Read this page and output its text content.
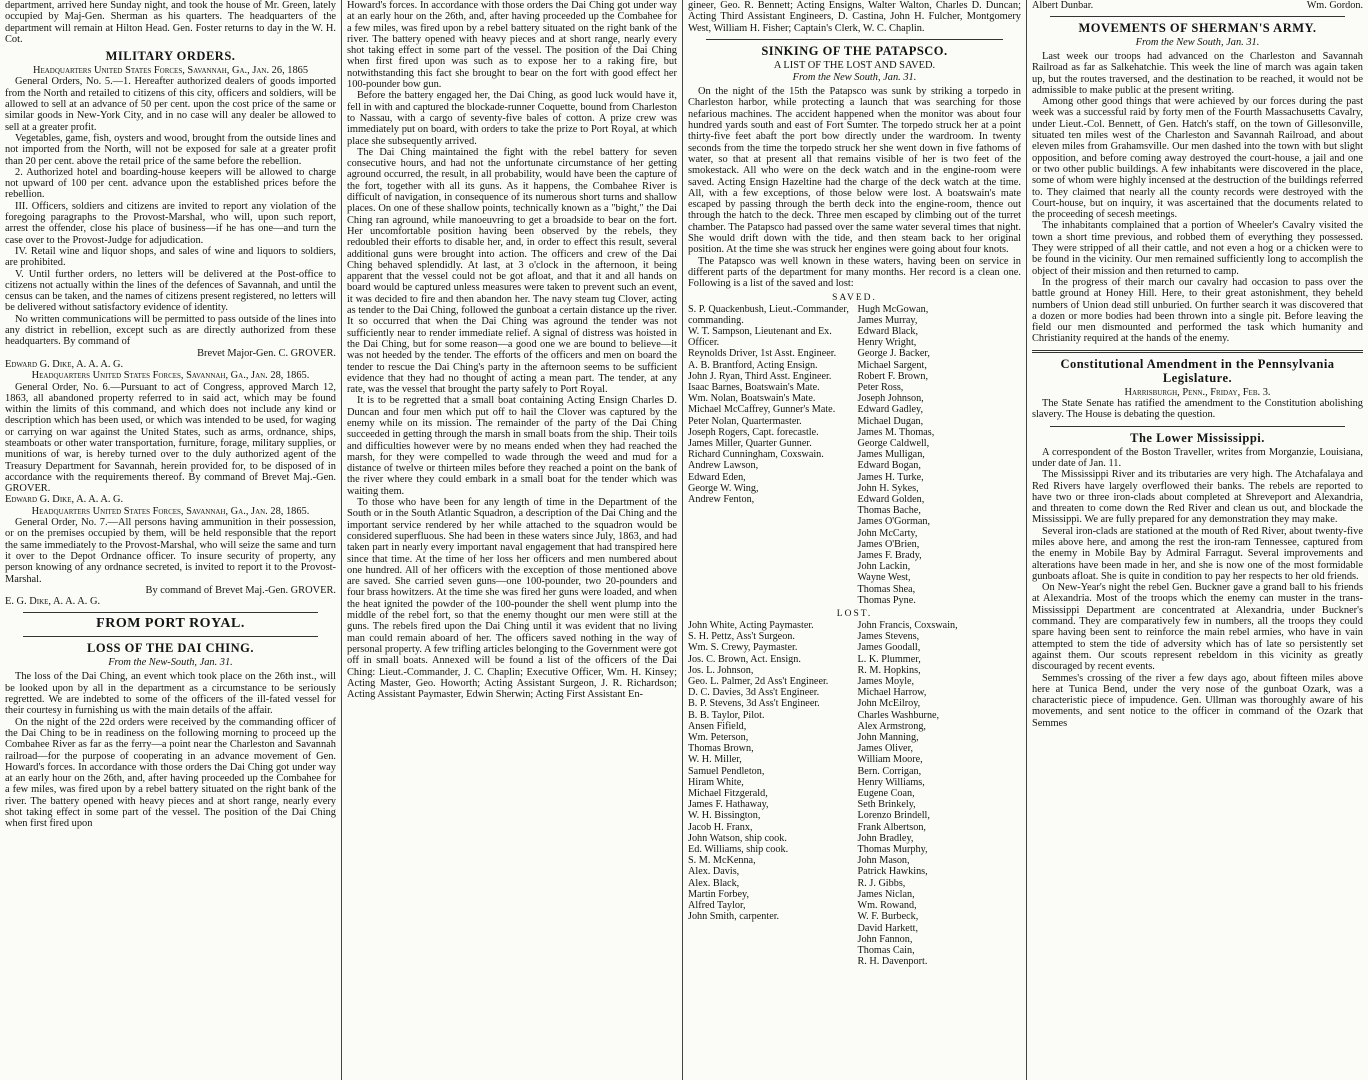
department, arrived here Sunday night, and took the house of Mr. Green, lately occupied by Maj-Gen. Sherman as his quarters. The headquarters of the department will remain at Hilton Head. Gen. Foster returns to day in the W. H. Cot.

MILITARY ORDERS.
Headquarters United States Forces, Savannah, Ga., Jan. 26, 1865

General Orders, No. 5.—1. Hereafter authorized dealers of goods imported from the North and retailed to citizens of this city, officers and soldiers, will be allowed to sell at an advance of 50 per cent. upon the cost price of the same or similar goods in New-York City, and in no case will any dealer be allowed to sell at a greater profit.

Vegetables, game, fish, oysters and wood, brought from the outside lines and not imported from the North, will not be exposed for sale at a greater profit than 20 per cent. above the retail price of the same before the rebellion.

2. Authorized hotel and boarding-house keepers will be allowed to charge not upward of 100 per cent. advance upon the established prices before the rebellion.

III. Officers, soldiers and citizens are invited to report any violation of the foregoing paragraphs to the Provost-Marshal, who will, upon such report, arrest the offender, close his place of business—if he has one—and turn the case over to the Provost-Judge for adjudication.

IV. Retail wine and liquor shops, and sales of wine and liquors to soldiers, are prohibited.

V. Until further orders, no letters will be delivered at the Post-office to citizens not actually within the lines of the defences of Savannah, and until the census can be taken, and the names of citizens present registered, no letters will be delivered without satisfactory evidence of identity.

No written communications will be permitted to pass outside of the lines into any district in rebellion, except such as are directly authorized from these headquarters. By command of

Brevet Major-Gen. C. GROVER.
Edward G. Dike, A. A. A. G.
Headquarters United States Forces, Savannah, Ga., Jan. 28, 1865.

General Order, No. 6.—Pursuant to act of Congress, approved March 12, 1863, all abandoned property referred to in said act, which may be found within the limits of this command, and which does not include any kind or description which has been used, or which was intended to be used, for waging or carrying on war against the United States, such as arms, ordnance, ships, steamboats or other water transportation, furniture, forage, military supplies, or munitions of war, is hereby turned over to the duly authorized agent of the Treasury Department for Savannah, herein provided for, to be disposed of in accordance with the requirements thereof. By command of Brevet Maj.-Gen. GROVER.

Edward G. Dike, A. A. A. G.
Headquarters United States Forces, Savannah, Ga., Jan. 28, 1865.

General Order, No. 7.—All persons having ammunition in their possession, or on the premises occupied by them, will be held responsible that the report the same immediately to the Provost-Marshal, who will seize the same and turn it over to the Depot Ordnance officer. To insure security of property, any person knowing of any ordnance secreted, is invited to report it to the Provost-Marshal.

By command of Brevet Maj.-Gen. GROVER.
E. G. Dike, A. A. A. G.
FROM PORT ROYAL.
LOSS OF THE DAI CHING.
From the New-South, Jan. 31.

The loss of the Dai Ching, an event which took place on the 26th inst., will be looked upon by all in the department as a circumstance to be seriously regretted. We are indebted to some of the officers of the ill-fated vessel for their courtesy in furnishing us with the main details of the affair.

On the night of the 22d orders were received by the commanding officer of the Dai Ching to be in readiness on the following morning to proceed up the Combahee River as far as the ferry—a point near the Charleston and Savannah railroad—for the purpose of cooperating in an advance movement of Gen. Howard's forces. In accordance with those orders the Dai Ching got under way at an early hour on the 26th, and, after having proceeded up the Combahee for a few miles, was fired upon by a rebel battery situated on the right bank of the river. The battery opened with heavy pieces and at short range, nearly every shot taking effect in some part of the vessel. The position of the Dai Ching when first fired upon

Howard's forces. In accordance with those orders the Dai Ching got under way at an early hour on the 26th, and, after having proceeded up the Combahee for a few miles, was fired upon by a rebel battery situated on the right bank of the river. The battery opened with heavy pieces and at short range, nearly every shot taking effect in some part of the vessel. The position of the Dai Ching when first fired upon was such as to expose her to a raking fire, but notwithstanding this fact she brought to bear on the fort with good effect her 100-pounder bow gun.

Before the battery engaged her, the Dai Ching, as good luck would have it, fell in with and captured the blockade-runner Coquette, bound from Charleston to Nassau, with a cargo of seventy-five bales of cotton. A prize crew was immediately put on board, with orders to take the prize to Port Royal, at which place she subsequently arrived.

The Dai Ching maintained the fight with the rebel battery for seven consecutive hours, and had not the unfortunate circumstance of her getting aground occurred, the result, in all probability, would have been the capture of the fort, together with all its guns. As it happens, the Combahee River is difficult of navigation, in consequence of its numerous short turns and shallow places. On one of these shallow points, technically known as a "bight," the Dai Ching ran aground, while manoeuvring to get a broadside to bear on the fort. Her uncomfortable position having been observed by the rebels, they redoubled their efforts to disable her, and, in order to effect this result, several additional guns were brought into action. The officers and crew of the Dai Ching behaved splendidly. At last, at 3 o'clock in the afternoon, it being apparent that the vessel could not be got afloat, and that it and all hands on board would be captured unless measures were taken to prevent such an event, it was decided to fire and then abandon her. The navy steam tug Clover, acting as tender to the Dai Ching, followed the gunboat a certain distance up the river. It so occurred that when the Dai Ching was aground the tender was not sufficiently near to render immediate relief. A signal of distress was hoisted in the Dai Ching, but for some reason—a good one we are bound to believe—it was not heeded by the tender. The efforts of the officers and men on board the tender to rescue the Dai Ching's party in the afternoon seems to be sufficient evidence that they had no thought of acting a mean part. The tender, at any rate, was the vessel that brought the party safely to Port Royal.

It is to be regretted that a small boat containing Acting Ensign Charles D. Duncan and four men which put off to hail the Clover was captured by the enemy while on its mission. The remainder of the party of the Dai Ching succeeded in getting through the marsh in small boats from the ship. Their toils and difficulties however were by no means ended when they had reached the marsh, for they were compelled to wade through the weed and mud for a distance of twelve or thirteen miles before they reached a point on the bank of the river where they could embark in a small boat for the tender which was waiting them.

To those who have been for any length of time in the Department of the South or in the South Atlantic Squadron, a description of the Dai Ching and the important service rendered by her while attached to the squadron would be considered superfluous. She had been in these waters since July, 1863, and had taken part in nearly every important naval engagement that had transpired here since that time. At the time of her loss her officers and men numbered about one hundred. All of her officers with the exception of those mentioned above are saved. She carried seven guns—one 100-pounder, two 20-pounders and four brass howitzers. At the time she was fired her guns were loaded, and when the heat ignited the powder of the 100-pounder the shell went plump into the middle of the rebel fort, so that the enemy thought our men were still at the guns. The rebels fired upon the Dai Ching until it was evident that no living man could remain aboard of her. The officers saved nothing in the way of personal property. A few trifling articles belonging to the Government were got off in small boats. Annexed will be found a list of the officers of the Dai Ching: Lieut.-Commander, J. C. Chaplin; Executive Officer, Wm. H. Kinsey; Acting Master, Geo. Howorth; Acting Assistant Surgeon, J. R. Richardson; Acting Assistant Paymaster, Edwin Sherwin; Acting First Assistant En-

gineer, Geo. R. Bennett; Acting Ensigns, Walter Walton, Charles D. Duncan; Acting Third Assistant Engineers, D. Castina, John H. Fulcher, Montgomery West, William H. Fisher; Captain's Clerk, W. C. Chaplin.

SINKING OF THE PATAPSCO.
A LIST OF THE LOST AND SAVED.
From the New South, Jan. 31.

On the night of the 15th the Patapsco was sunk by striking a torpedo in Charleston harbor, while protecting a launch that was searching for those nefarious machines. The accident happened when the monitor was about four hundred yards south and east of Fort Sumter. The torpedo struck her at a point thirty-five feet abaft the port bow directly under the wardroom. In twenty seconds from the time the torpedo struck her she went down in five fathoms of water, so that at present all that remains visible of her is two feet of the smokestack. All who were on the deck watch and in the engine-room were saved. Acting Ensign Hazeltine had the charge of the deck watch at the time. All, with a few exceptions, of those below were lost. A boatswain's mate escaped by passing through the berth deck into the engine-room, thence out through the hatch to the deck. Three men escaped by climbing out of the turret chamber. The Patapsco had passed over the same water several times that night. She would drift down with the tide, and then steam back to her original position. At the time she was struck her engines were going about four knots.

The Patapsco was well known in these waters, having been on service in different parts of the department for many months. Her record is a clean one. Following is a list of the saved and lost:

SAVED.
S. P. Quackenbush, Lieut.-Commander, commanding.
W. T. Sampson, Lieutenant and Ex. Officer.
Reynolds Driver, 1st Asst. Engineer.
A. B. Brantford, Acting Ensign.
John J. Ryan, Third Asst. Engineer.
Isaac Barnes, Boatswain's Mate.
Wm. Nolan, Boatswain's Mate.
Michael McCaffrey, Gunner's Mate.
Peter Nolan, Quartermaster.
Joseph Rogers, Capt. forecastle.
James Miller, Quarter Gunner.
Richard Cunningham, Coxswain.
Andrew Lawson,
Edward Eden,
George W. Wing,
Andrew Fenton,
Hugh McGowan,
James Murray,
Edward Black,
Henry Wright,
George J. Backer,
Michael Sargent,
Robert F. Brown,
Peter Ross,
Joseph Johnson,
Edward Gadley,
Michael Dugan,
James M. Thomas,
George Caldwell,
James Mulligan,
Edward Bogan,
James H. Turke,
John H. Sykes,
Edward Golden,
Thomas Bache,
James O'Gorman,
John McCarty,
James O'Brien,
James F. Brady,
John Lackin,
Wayne West,
Thomas Shea,
Thomas Pyne.
LOST.
John White, Acting Paymaster.
S. H. Pettz, Ass't Surgeon.
Wm. S. Crewy, Paymaster.
Jos. C. Brown, Act. Ensign.
Jos. L. Johnson,
Geo. L. Palmer, 2d Ass't Engineer.
D. C. Davies, 3d Ass't Engineer.
B. P. Stevens, 3d Ass't Engineer.
B. B. Taylor, Pilot.
Ansen Fifield,
Wm. Peterson,
Thomas Brown,
W. H. Miller,
Samuel Pendleton,
Hiram White,
Michael Fitzgerald,
James F. Hathaway,
W. H. Bissington,
Jacob H. Franx,
John Watson, ship cook.
Ed. Williams, ship cook.
S. M. McKenna,
Alex. Davis,
Alex. Black,
Martin Forbey,
Alfred Taylor,
John Smith, carpenter.
John Francis, Coxswain,
James Stevens,
James Goodall,
L. K. Plummer,
R. M. Hopkins,
James Moyle,
Michael Harrow,
John McEilroy,
Charles Washburne,
Alex Armstrong,
John Manning,
James Oliver,
William Moore,
Bern. Corrigan,
Henry Williams,
Eugene Coan,
Seth Brinkely,
Lorenzo Brindell,
Frank Albertson,
John Bradley,
Thomas Murphy,
John Mason,
Patrick Hawkins,
R. J. Gibbs,
James Niclan,
Wm. Rowand,
W. F. Burbeck,
David Harkett,
John Fannon,
Thomas Cain,
R. H. Davenport.
Albert Dunbar.	Wm. Gordon.
MOVEMENTS OF SHERMAN'S ARMY.
From the New South, Jan. 31.

Last week our troops had advanced on the Charleston and Savannah Railroad as far as Salkehatchie. This week the line of march was again taken up, but the routes traversed, and the destination to be reached, it would not be admissible to make public at the present writing.

Among other good things that were achieved by our forces during the past week was a successful raid by forty men of the Fourth Massachusetts Cavalry, under Lieut.-Col. Bennett, of Gen. Hatch's staff, on the town of Gillesonville, situated ten miles west of the Charleston and Savannah Railroad, and about eleven miles from Grahamsville. Our men dashed into the town with but slight opposition, and before coming away destroyed the court-house, a jail and one or two other public buildings. A few inhabitants were discovered in the place, some of whom were highly incensed at the destruction of the buildings referred to. They claimed that nearly all the county records were destroyed with the Court-house, but on inquiry, it was ascertained that the documents related to the proceeding of secesh meetings.

The inhabitants complained that a portion of Wheeler's Cavalry visited the town a short time previous, and robbed them of everything they possessed. They were stripped of all their cattle, and not even a hog or a chicken were to be found in the vicinity. Our men remained sufficiently long to accomplish the object of their mission and then returned to camp.

In the progress of their march our cavalry had occasion to pass over the battle ground at Honey Hill. Here, to their great astonishment, they beheld numbers of Union dead still unburied. On further search it was discovered that a dozen or more bodies had been thrown into a single pit. Before leaving the field our men dismounted and performed the task which humanity and Christianity required at the hands of the enemy.

Constitutional Amendment in the Pennsylvania Legislature.
Harrisburgh, Penn., Friday, Feb. 3.

The State Senate has ratified the amendment to the Constitution abolishing slavery. The House is debating the question.

The Lower Mississippi.

A correspondent of the Boston Traveller, writes from Morganzie, Louisiana, under date of Jan. 11.

The Mississippi River and its tributaries are very high. The Atchafalaya and Red Rivers have largely overflowed their banks. The rebels are reported to have two or three iron-clads about completed at Shreveport and Alexandria, and threaten to come down the Red River and clean us out, and blockade the Mississippi. We are fully prepared for any demonstration they may make.

Several iron-clads are stationed at the mouth of Red River, about twenty-five miles above here, and among the rest the iron-ram Tennessee, captured from the enemy in Mobile Bay by Admiral Farragut. Several improvements and alterations have been made in her, and she is now one of the most formidable gunboats afloat. She is quite in condition to pay her respects to her old friends.

On New-Year's night the rebel Gen. Buckner gave a grand ball to his friends at Alexandria. Most of the troops which the enemy can muster in the trans-Mississippi Department are concentrated at Alexandria, under Buckner's command. They are comparatively few in numbers, all the troops they could spare having been sent to reinforce the main rebel armies, who have in vain attempted to stem the tide of adversity which has of late so persistently set against them. Our scouts represent rebeldom in this vicinity as greatly discouraged by recent events.

Semmes's crossing of the river a few days ago, about fifteen miles above here at Tunica Bend, under the very nose of the gunboat Ozark, was a characteristic piece of impudence. Gen. Ullman was thoroughly aware of his movements, and sent notice to the officer in command of the Ozark that Semmes
